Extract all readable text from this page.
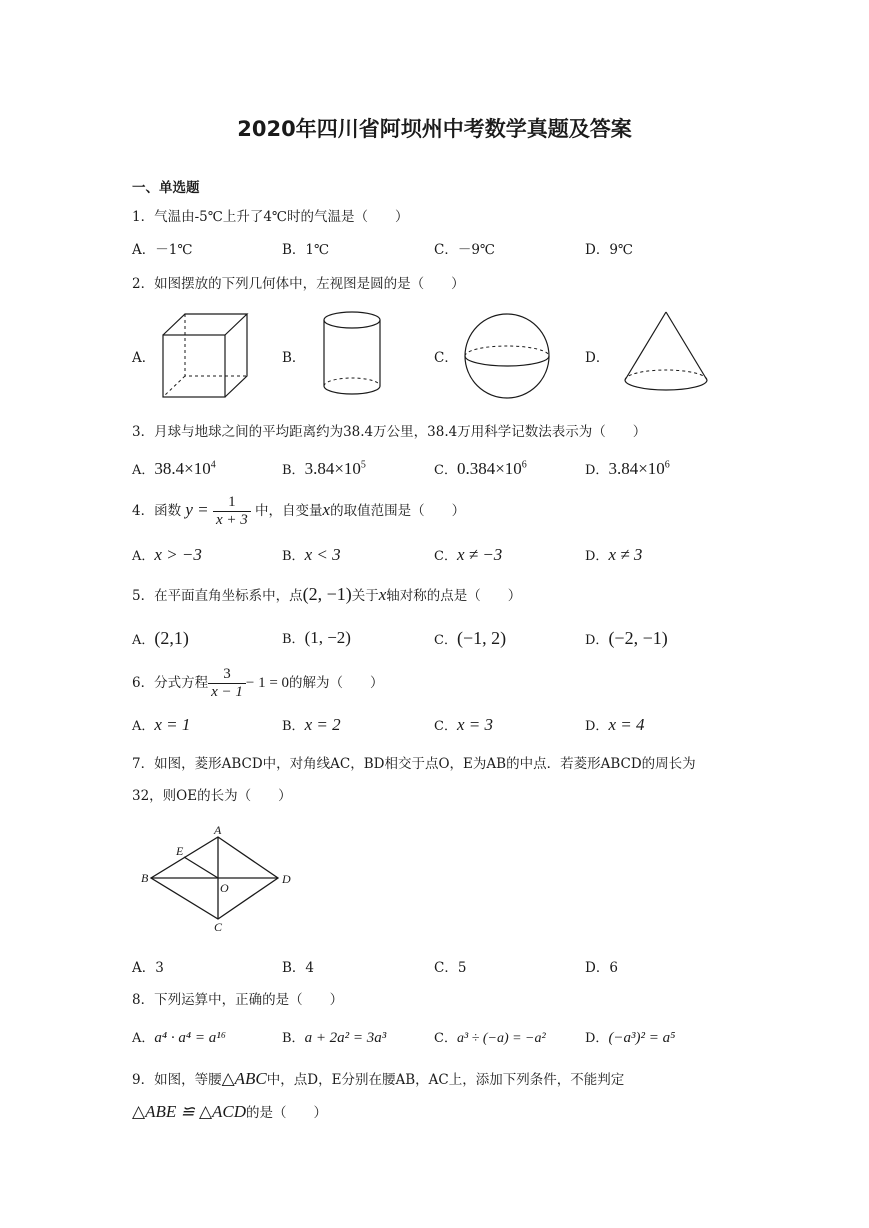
2020年四川省阿坝州中考数学真题及答案
一、单选题
1．气温由-5℃上升了4℃时的气温是（　　）
A．－1℃	B．1℃	C．－9℃	D．9℃
2．如图摆放的下列几何体中，左视图是圆的是（　　）
A．	B．	C．	D．
3．月球与地球之间的平均距离约为38.4万公里，38.4万用科学记数法表示为（　　）
A．$38.4\times 10^4$	B．$3.84\times 10^5$	C．$0.384\times 10^6$	D．$3.84\times 10^6$
4．函数 $y = \frac{1}{x + 3}$ 中，自变量x的取值范围是（　　）
A．x > −3	B．x < 3	C．x ≠ −3	D．x ≠ 3
5．在平面直角坐标系中，点(2, −1)关于x轴对称的点是（　　）
A．(2,1)	B．(1, −2)	C．(−1, 2)	D．(−2, −1)
6．分式方程 $\frac{3}{x - 1} - 1 = 0$的解为（　　）
A．x = 1	B．x = 2	C．x = 3	D．x = 4
7．如图，菱形ABCD中，对角线AC，BD相交于点O，E为AB的中点．若菱形ABCD的周长为
32，则OE的长为（　　）
A
B
C
D
E
O
A．3	B．4	C．5	D．6
8．下列运算中，正确的是（　　）
A．a⁴ · a⁴ = a¹⁶	B．a + 2a² = 3a³	C．a³ ÷ (−a) = −a²	D．(−a³)² = a⁵
9．如图，等腰△ABC中，点D，E分别在腰AB，AC上，添加下列条件，不能判定
△ABE ≌ △ACD的是（　　）
